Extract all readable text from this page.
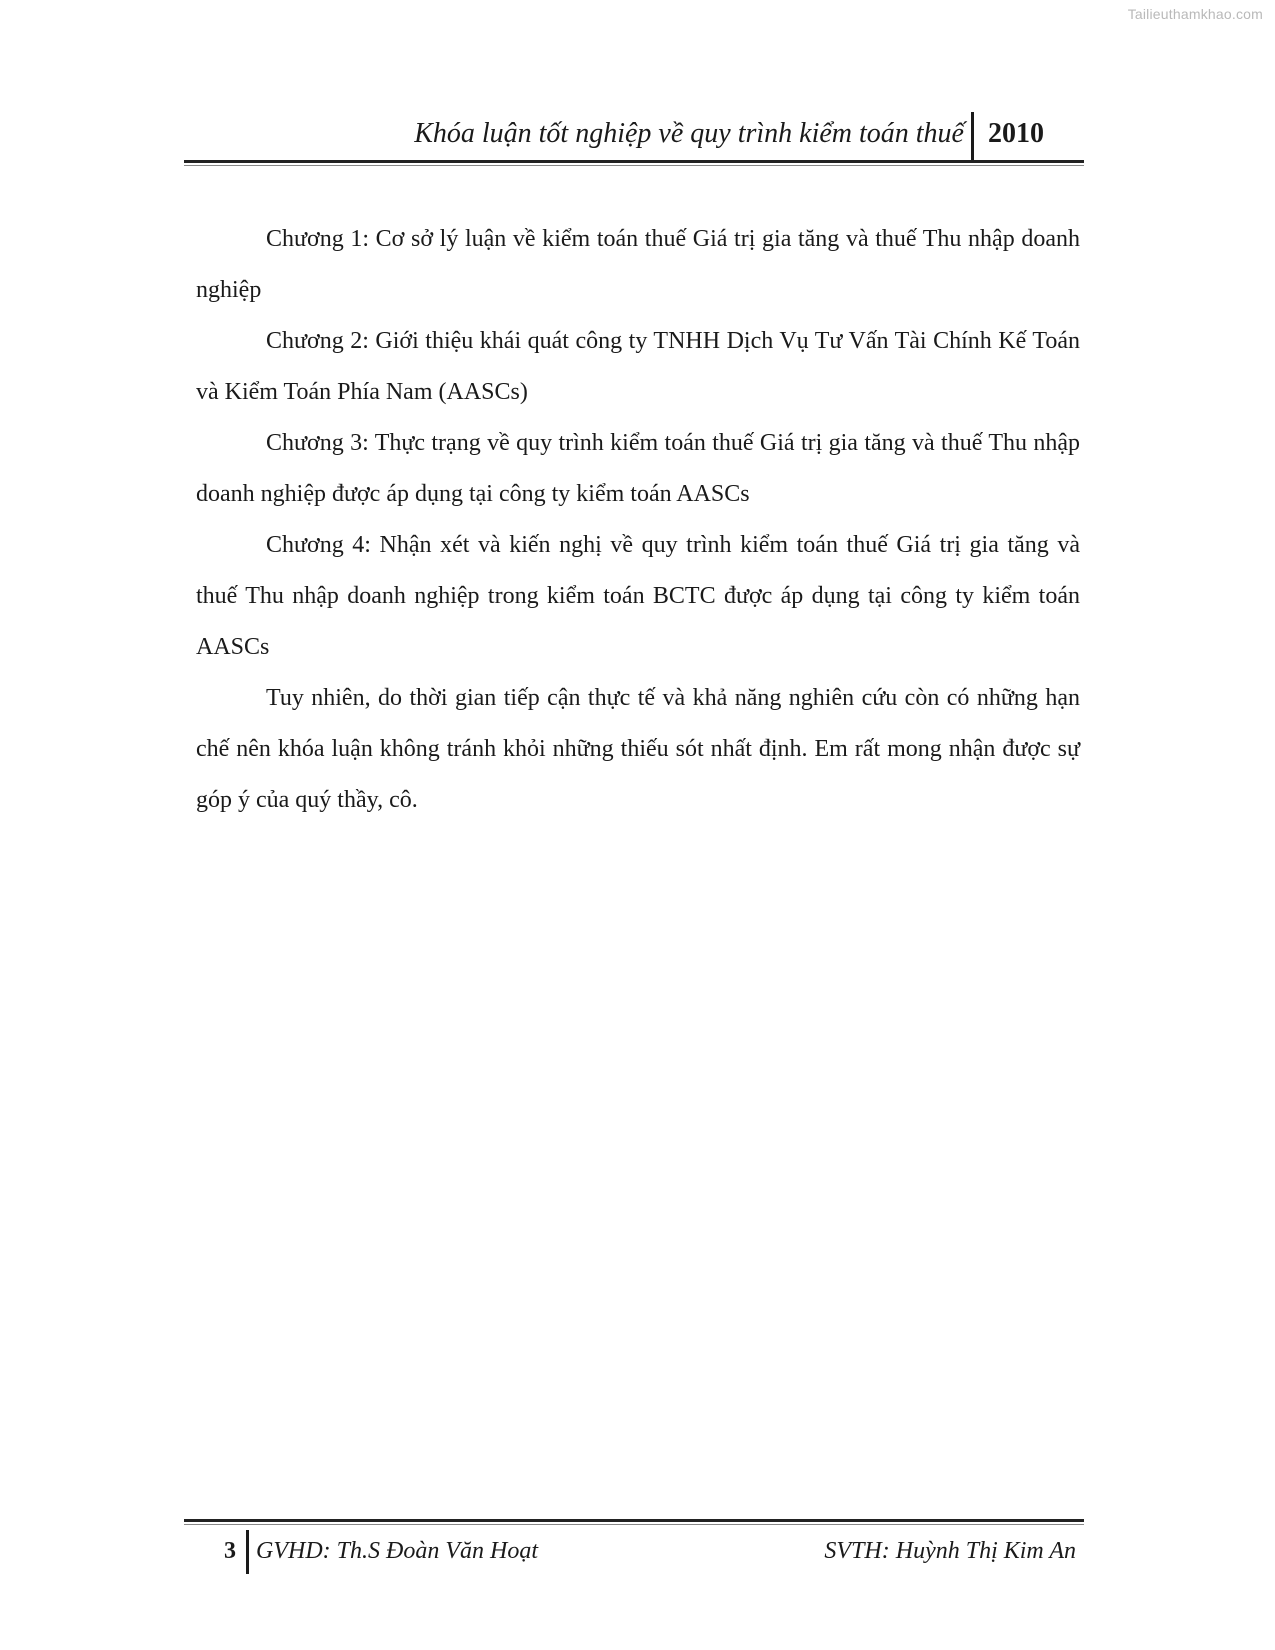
Tailieuthamkhao.com
Khóa luận tốt nghiệp về quy trình kiểm toán thuế 2010

Chương 1: Cơ sở lý luận về kiểm toán thuế Giá trị gia tăng và thuế Thu nhập doanh nghiệp

Chương 2: Giới thiệu khái quát công ty TNHH Dịch Vụ Tư Vấn Tài Chính Kế Toán và Kiểm Toán Phía Nam (AASCs)

Chương 3: Thực trạng về quy trình kiểm toán thuế Giá trị gia tăng và thuế Thu nhập doanh nghiệp được áp dụng tại công ty kiểm toán AASCs

Chương 4: Nhận xét và kiến nghị về quy trình kiểm toán thuế Giá trị gia tăng và thuế Thu nhập doanh nghiệp trong kiểm toán BCTC được áp dụng tại công ty kiểm toán AASCs

Tuy nhiên, do thời gian tiếp cận thực tế và khả năng nghiên cứu còn có những hạn chế nên khóa luận không tránh khỏi những thiếu sót nhất định. Em rất mong nhận được sự góp ý của quý thầy, cô.

3 GVHD: Th.S Đoàn Văn Hoạt	SVTH: Huỳnh Thị Kim An
